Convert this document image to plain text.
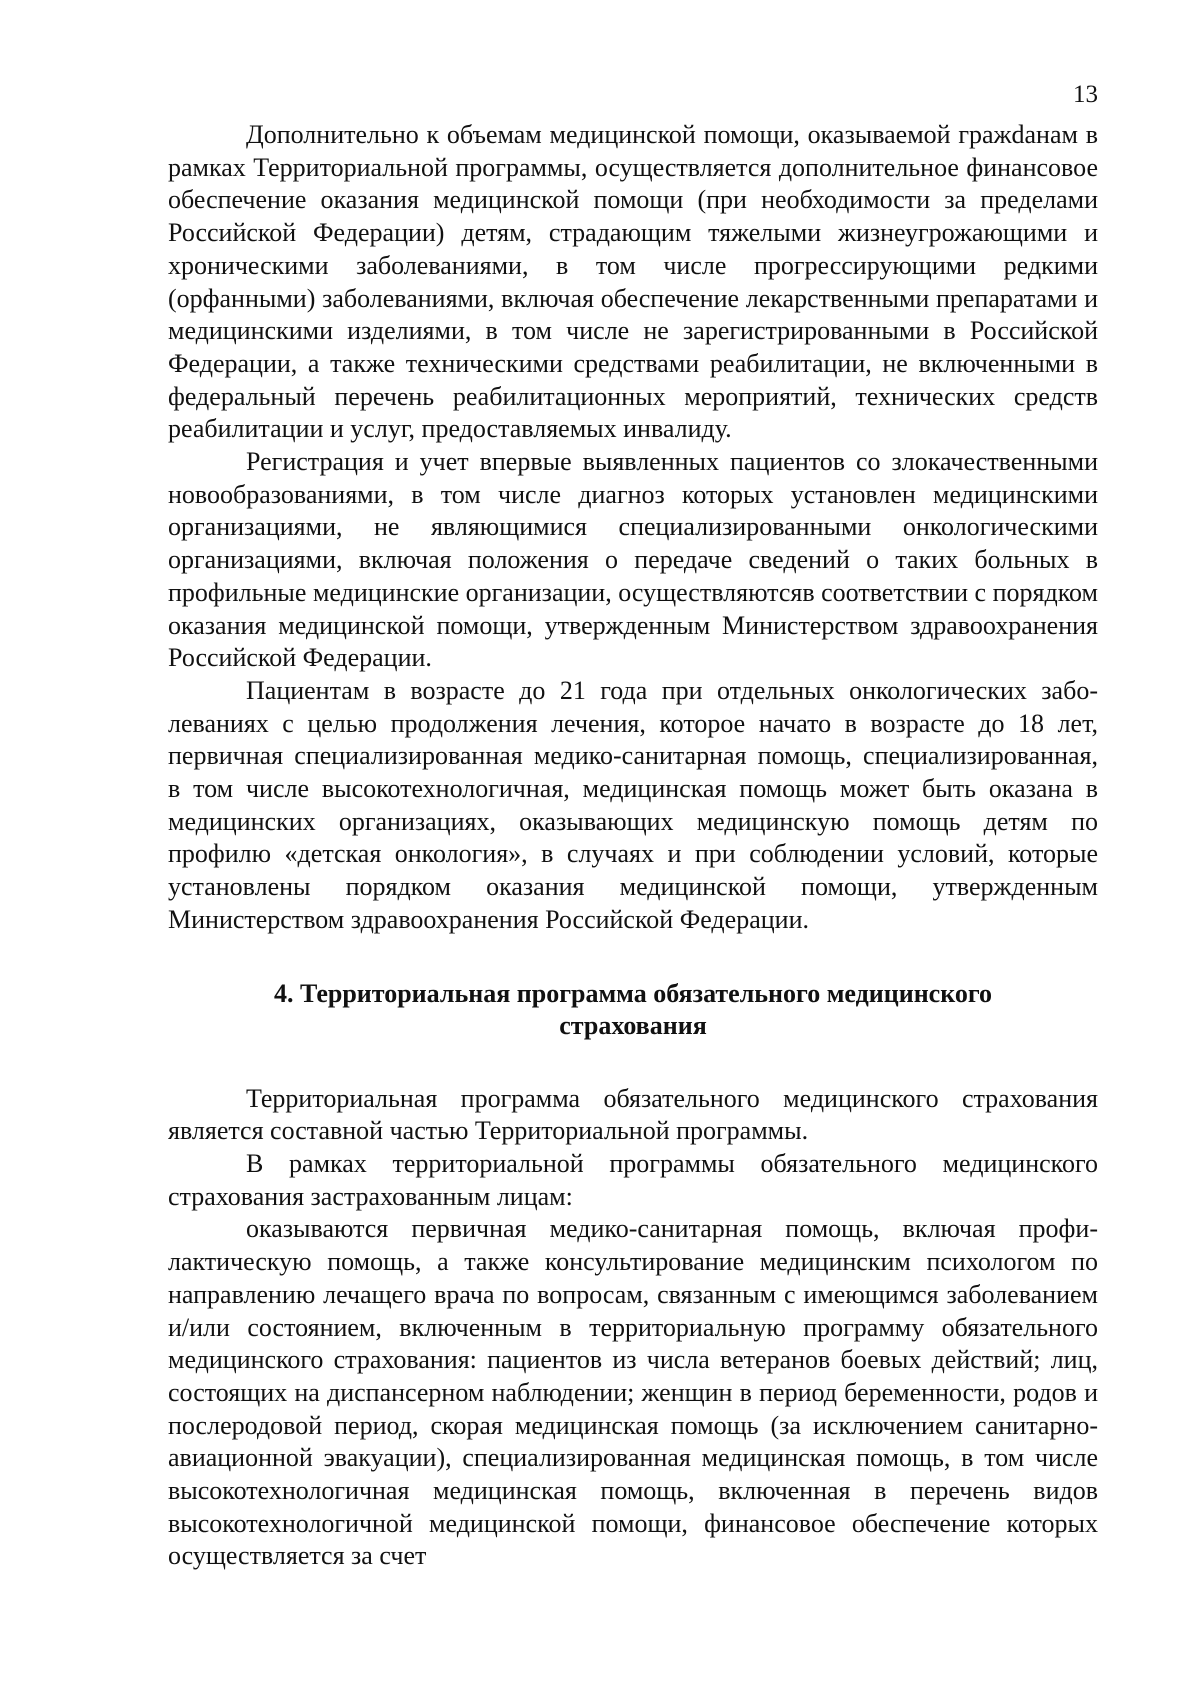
13

Дополнительно к объемам медицинской помощи, оказываемой гражdанам в рамках Территориальной программы, осуществляется дополнительное финансовое обеспечение оказания медицинской помощи (при необходимости за пределами Российской Федерации) детям, страдающим тяжелыми жизнеугрожающими и хроническими заболеваниями, в том числе прогрессирующими редкими (орфанными) заболеваниями, включая обеспечение лекарственными препаратами и медицинскими изделиями, в том числе не зарегистрированными в Российской Федерации, а также техническими средствами реабилитации, не включенными в федеральный перечень реабилитационных мероприятий, технических средств реабилитации и услуг, предоставляемых инвалиду.

Регистрация и учет впервые выявленных пациентов со злокачественными новообразованиями, в том числе диагноз которых установлен медицинскими организациями, не являющимися специализированными онкологическими организациями, включая положения о передаче сведений о таких больных в профильные медицинские организации, осуществляютсяв соответствии с порядком оказания медицинской помощи, утвержденным Министерством здравоохранения Российской Федерации.

Пациентам в возрасте до 21 года при отдельных онкологических заболеваниях с целью продолжения лечения, которое начато в возрасте до 18 лет, первичная специализированная медико-санитарная помощь, специализированная, в том числе высокотехнологичная, медицинская помощь может быть оказана в медицинских организациях, оказывающих медицинскую помощь детям по профилю «детская онкология», в случаях и при соблюдении условий, которые установлены порядком оказания медицинской помощи, утвержденным Министерством здравоохранения Российской Федерации.

4. Территориальная программа обязательного медицинского
страхования

Территориальная программа обязательного медицинского страхования является составной частью Территориальной программы.

В рамках территориальной программы обязательного медицинского страхования застрахованным лицам:

оказываются первичная медико-санитарная помощь, включая профилактическую помощь, а также консультирование медицинским психологом по направлению лечащего врача по вопросам, связанным с имеющимся заболеванием и/или состоянием, включенным в территориальную программу обязательного медицинского страхования: пациентов из числа ветеранов боевых действий; лиц, состоящих на диспансерном наблюдении; женщин в период беременности, родов и послеродовой период, скорая медицинская помощь (за исключением санитарно-авиационной эвакуации), специализированная медицинская помощь, в том числе высокотехнологичная медицинская помощь, включенная в перечень видов высокотехнологичной медицинской помощи, финансовое обеспечение которых осуществляется за счет
